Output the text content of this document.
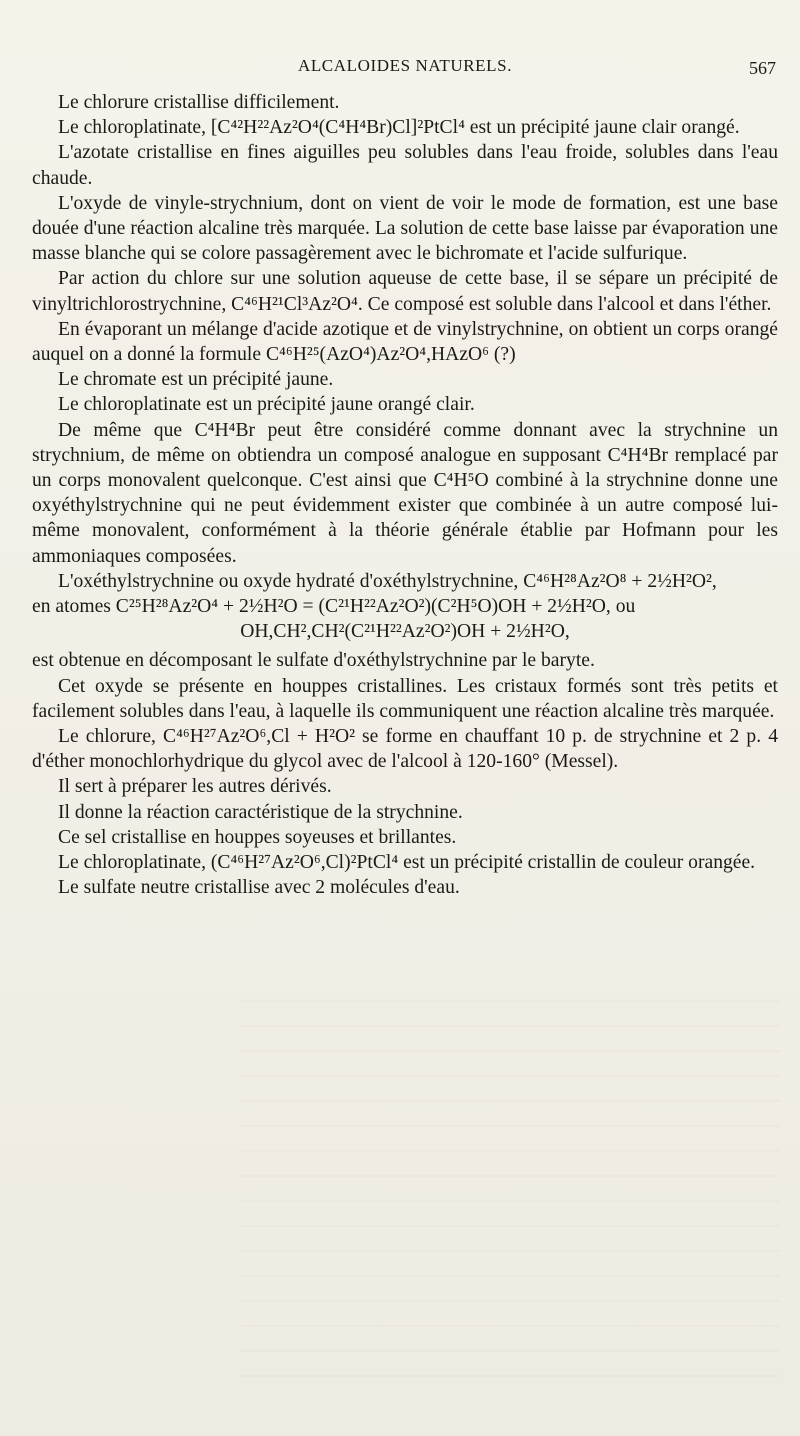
ALCALOIDES NATURELS.	567

Le chlorure cristallise difficilement.

Le chloroplatinate, [C⁴²H²²Az²O⁴(C⁴H⁴Br)Cl]²PtCl⁴ est un précipité jaune clair orangé.

L'azotate cristallise en fines aiguilles peu solubles dans l'eau froide, solubles dans l'eau chaude.

L'oxyde de vinyle-strychnium, dont on vient de voir le mode de formation, est une base douée d'une réaction alcaline très marquée. La solution de cette base laisse par évaporation une masse blanche qui se colore passagèrement avec le bichromate et l'acide sulfurique.

Par action du chlore sur une solution aqueuse de cette base, il se sépare un précipité de vinyltrichlorostrychnine, C⁴⁶H²¹Cl³Az²O⁴. Ce composé est soluble dans l'alcool et dans l'éther.

En évaporant un mélange d'acide azotique et de vinylstrychnine, on obtient un corps orangé auquel on a donné la formule C⁴⁶H²⁵(AzO⁴)Az²O⁴,HAzO⁶ (?)

Le chromate est un précipité jaune.

Le chloroplatinate est un précipité jaune orangé clair.

De même que C⁴H⁴Br peut être considéré comme donnant avec la strychnine un strychnium, de même on obtiendra un composé analogue en supposant C⁴H⁴Br remplacé par un corps monovalent quelconque. C'est ainsi que C⁴H⁵O combiné à la strychnine donne une oxyéthylstrychnine qui ne peut évidemment exister que combinée à un autre composé lui-même monovalent, conformément à la théorie générale établie par Hofmann pour les ammoniaques composées.

L'oxéthylstrychnine ou oxyde hydraté d'oxéthylstrychnine, C⁴⁶H²⁸Az²O⁸ + 2½H²O²,

en atomes C²⁵H²⁸Az²O⁴ + 2½H²O = (C²¹H²²Az²O²)(C²H⁵O)OH + 2½H²O, ou

OH,CH²,CH²(C²¹H²²Az²O²)OH + 2½H²O,

est obtenue en décomposant le sulfate d'oxéthylstrychnine par le baryte.

Cet oxyde se présente en houppes cristallines. Les cristaux formés sont très petits et facilement solubles dans l'eau, à laquelle ils communiquent une réaction alcaline très marquée.

Le chlorure, C⁴⁶H²⁷Az²O⁶,Cl + H²O² se forme en chauffant 10 p. de strychnine et 2 p. 4 d'éther monochlorhydrique du glycol avec de l'alcool à 120-160° (Messel).

Il sert à préparer les autres dérivés.

Il donne la réaction caractéristique de la strychnine.

Ce sel cristallise en houppes soyeuses et brillantes.

Le chloroplatinate, (C⁴⁶H²⁷Az²O⁶,Cl)²PtCl⁴ est un précipité cristallin de couleur orangée.

Le sulfate neutre cristallise avec 2 molécules d'eau.
